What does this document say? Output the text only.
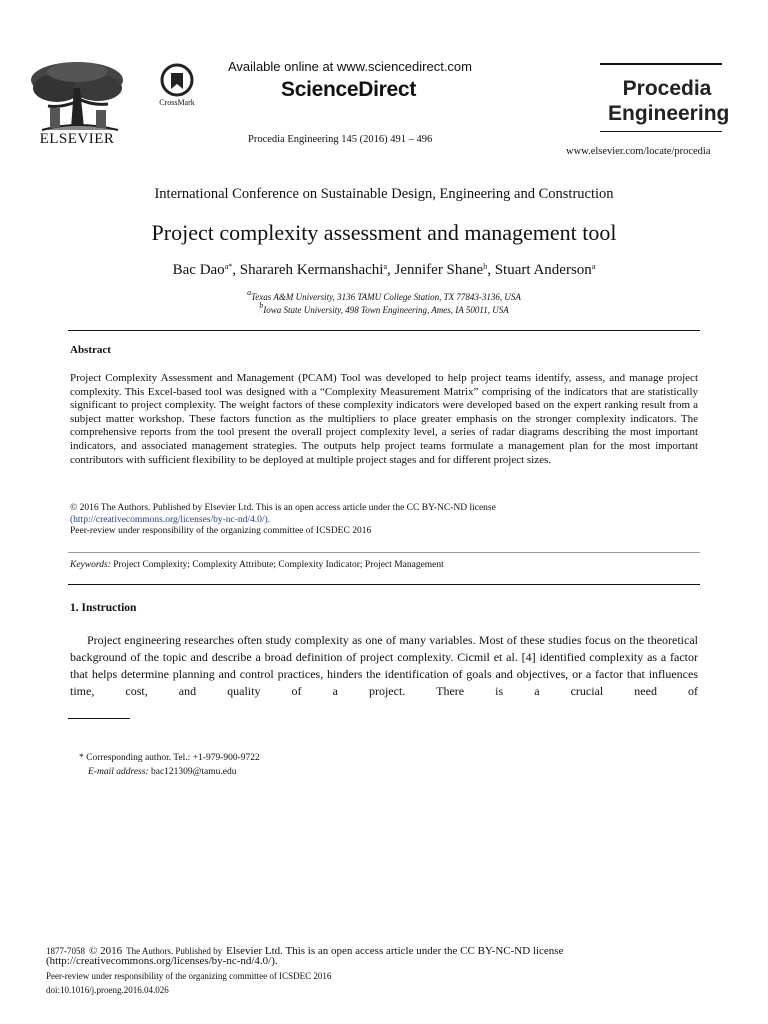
ELSEVIER
CrossMark
Available online at www.sciencedirect.com
ScienceDirect
Procedia Engineering 145 (2016) 491 – 496
Procedia Engineering
www.elsevier.com/locate/procedia
International Conference on Sustainable Design, Engineering and Construction
Project complexity assessment and management tool
Bac Dao$^{a*}$, Sharareh Kermanshachi$^a$, Jennifer Shane$^b$, Stuart Anderson$^a$
$^a$Texas A&M University, 3136 TAMU College Station, TX 77843-3136, USA
$^b$Iowa State University, 498 Town Engineering, Ames, IA 50011, USA
Abstract
Project Complexity Assessment and Management (PCAM) Tool was developed to help project teams identify, assess, and manage project complexity. This Excel-based tool was designed with a “Complexity Measurement Matrix” comprising of the indicators that are statistically significant to project complexity. The weight factors of these complexity indicators were developed based on the expert ranking result from a subject matter workshop. These factors function as the multipliers to place greater emphasis on the stronger complexity indicators. The comprehensive reports from the tool present the overall project complexity level, a series of radar diagrams describing the most important indicators, and associated management strategies. The outputs help project teams formulate a management plan for the most important contributors with sufficient flexibility to be deployed at multiple project stages and for different project sizes.
© 2016 The Authors. Published by Elsevier Ltd. This is an open access article under the CC BY-NC-ND license
(http://creativecommons.org/licenses/by-nc-nd/4.0/).
Peer-review under responsibility of the organizing committee of ICSDEC 2016
Keywords: Project Complexity; Complexity Attribute; Complexity Indicator; Project Management
1. Instruction
Project engineering researches often study complexity as one of many variables. Most of these studies focus on the theoretical background of the topic and describe a broad definition of project complexity. Cicmil et al. [4] identified complexity as a factor that helps determine planning and control practices, hinders the identification of goals and objectives, or a factor that influences time, cost, and quality of a project. There is a crucial need of
* Corresponding author. Tel.: +1-979-900-9722
E-mail address: bac121309@tamu.edu
1877-7058 © 2016 The Authors. Published by Elsevier Ltd. This is an open access article under the CC BY-NC-ND license
(http://creativecommons.org/licenses/by-nc-nd/4.0/).
Peer-review under responsibility of the organizing committee of ICSDEC 2016
doi:10.1016/j.proeng.2016.04.026
